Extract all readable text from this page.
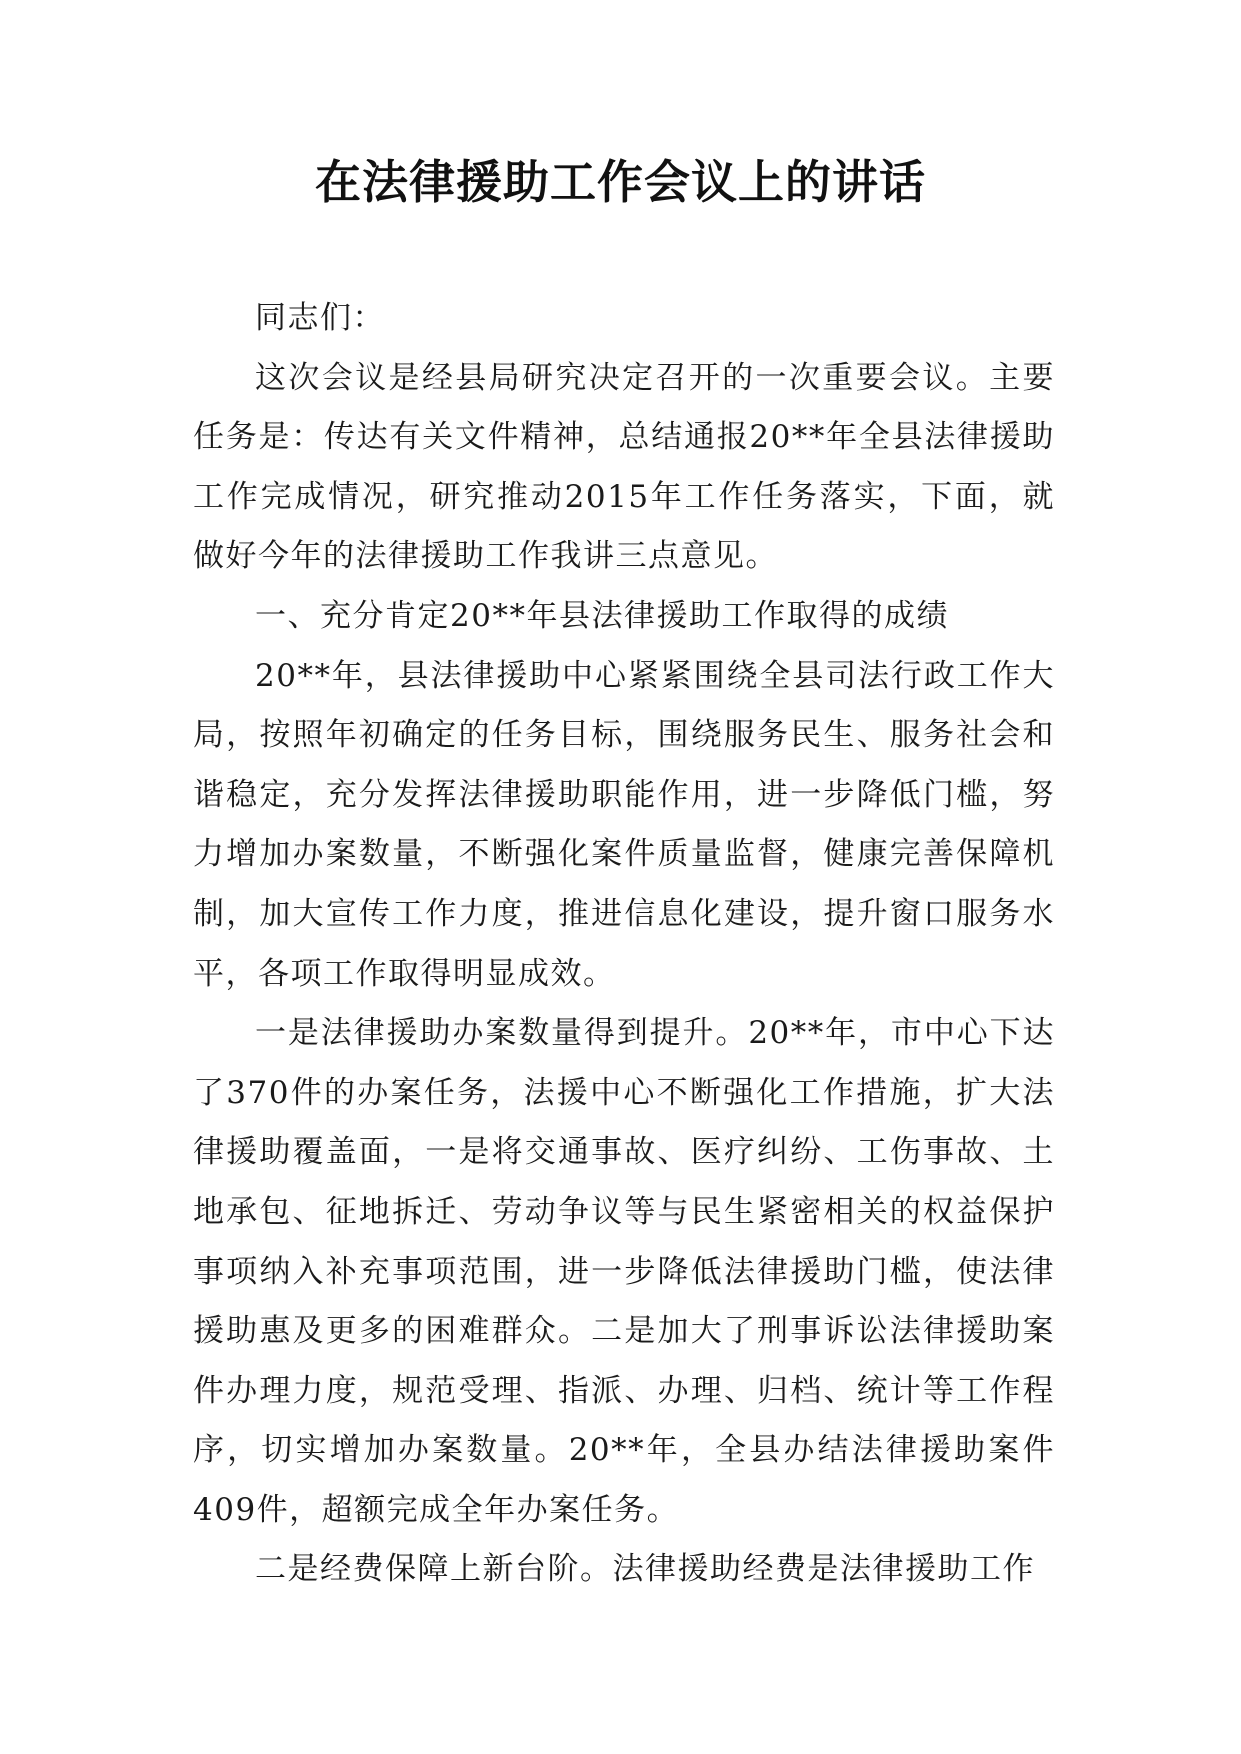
在法律援助工作会议上的讲话

同志们：

这次会议是经县局研究决定召开的一次重要会议。主要任务是：传达有关文件精神，总结通报20**年全县法律援助工作完成情况，研究推动2015年工作任务落实，下面，就做好今年的法律援助工作我讲三点意见。

一、充分肯定20**年县法律援助工作取得的成绩

20**年，县法律援助中心紧紧围绕全县司法行政工作大局，按照年初确定的任务目标，围绕服务民生、服务社会和谐稳定，充分发挥法律援助职能作用，进一步降低门槛，努力增加办案数量，不断强化案件质量监督，健康完善保障机制，加大宣传工作力度，推进信息化建设，提升窗口服务水平，各项工作取得明显成效。

一是法律援助办案数量得到提升。20**年，市中心下达了370件的办案任务，法援中心不断强化工作措施，扩大法律援助覆盖面，一是将交通事故、医疗纠纷、工伤事故、土地承包、征地拆迁、劳动争议等与民生紧密相关的权益保护事项纳入补充事项范围，进一步降低法律援助门槛，使法律援助惠及更多的困难群众。二是加大了刑事诉讼法律援助案件办理力度，规范受理、指派、办理、归档、统计等工作程序，切实增加办案数量。20**年，全县办结法律援助案件409件，超额完成全年办案任务。

二是经费保障上新台阶。法律援助经费是法律援助工作
